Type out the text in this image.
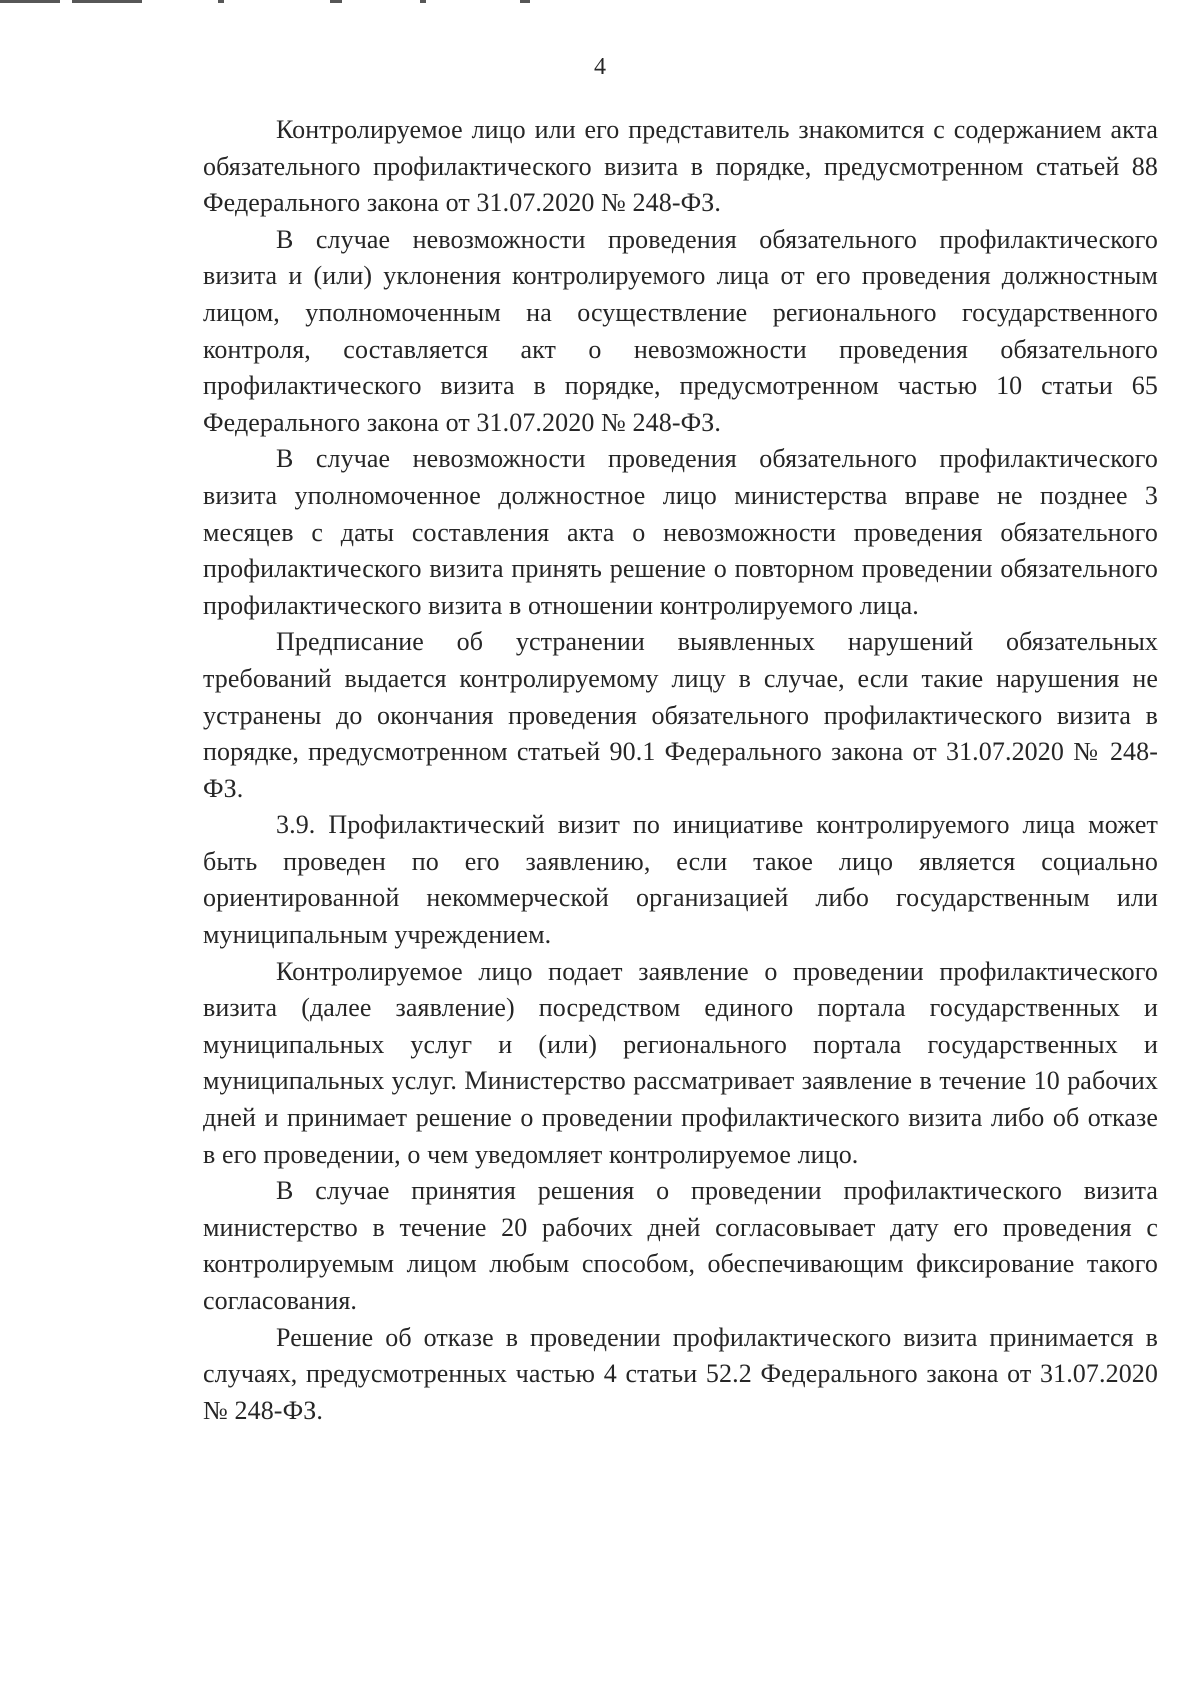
4

Контролируемое лицо или его представитель знакомится с содержанием акта обязательного профилактического визита в порядке, предусмотренном статьей 88 Федерального закона от 31.07.2020 № 248-ФЗ.

В случае невозможности проведения обязательного профилактического визита и (или) уклонения контролируемого лица от его проведения должностным лицом, уполномоченным на осуществление регионального государственного контроля, составляется акт о невозможности проведения обязательного профилактического визита в порядке, предусмотренном частью 10 статьи 65 Федерального закона от 31.07.2020 № 248-ФЗ.

В случае невозможности проведения обязательного профилактического визита уполномоченное должностное лицо министерства вправе не позднее 3 месяцев с даты составления акта о невозможности проведения обязательного профилактического визита принять решение о повторном проведении обязательного профилактического визита в отношении контролируемого лица.

Предписание об устранении выявленных нарушений обязательных требований выдается контролируемому лицу в случае, если такие нарушения не устранены до окончания проведения обязательного профилактического визита в порядке, предусмотренном статьей 90.1 Федерального закона от 31.07.2020 № 248-ФЗ.

3.9. Профилактический визит по инициативе контролируемого лица может быть проведен по его заявлению, если такое лицо является социально ориентированной некоммерческой организацией либо государственным или муниципальным учреждением.

Контролируемое лицо подает заявление о проведении профилактического визита (далее заявление) посредством единого портала государственных и муниципальных услуг и (или) регионального портала государственных и муниципальных услуг. Министерство рассматривает заявление в течение 10 рабочих дней и принимает решение о проведении профилактического визита либо об отказе в его проведении, о чем уведомляет контролируемое лицо.

В случае принятия решения о проведении профилактического визита министерство в течение 20 рабочих дней согласовывает дату его проведения с контролируемым лицом любым способом, обеспечивающим фиксирование такого согласования.

Решение об отказе в проведении профилактического визита принимается в случаях, предусмотренных частью 4 статьи 52.2 Федерального закона от 31.07.2020 № 248-ФЗ.
